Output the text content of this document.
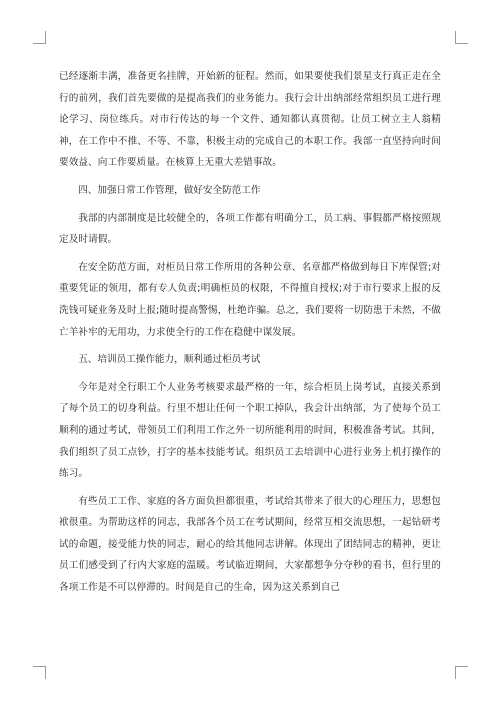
已经逐渐丰满，准备更名挂牌，开始新的征程。然而，如果要使我们景星支行真正走在全行的前列，我们首先要做的是提高我们的业务能力。我行会计出纳部经常组织员工进行理论学习、岗位练兵。对市行传达的每一个文件、通知都认真贯彻。让员工树立主人翁精神，在工作中不推、不等、不靠，积极主动的完成自己的本职工作。我部一直坚持向时间要效益、向工作要质量。在核算上无重大差错事故。

四、加强日常工作管理，做好安全防范工作

我部的内部制度是比较健全的，各项工作都有明确分工，员工病、事假都严格按照规定及时请假。

在安全防范方面，对柜员日常工作所用的各种公章、名章都严格做到每日下库保管;对重要凭证的领用，都有专人负责;明确柜员的权限，不得擅自授权;对于市行要求上报的反洗钱可疑业务及时上报;随时提高警惕，杜绝诈骗。总之，我们要将一切防患于未然，不做亡羊补牢的无用功，力求使全行的工作在稳健中谋发展。

五、培训员工操作能力，顺利通过柜员考试

今年是对全行职工个人业务考核要求最严格的一年，综合柜员上岗考试，直接关系到了每个员工的切身利益。行里不想让任何一个职工掉队，我会计出纳部，为了使每个员工顺利的通过考试，带领员工们利用工作之外一切所能利用的时间，积极准备考试。其间，我们组织了员工点钞，打字的基本技能考试。组织员工去培训中心进行业务上机打操作的练习。

有些员工工作、家庭的各方面负担都很重，考试给其带来了很大的心理压力，思想包袱很重。为帮助这样的同志，我部各个员工在考试期间，经常互相交流思想，一起钻研考试的命题，接受能力快的同志，耐心的给其他同志讲解。体现出了团结同志的精神，更让员工们感受到了行内大家庭的温暖。考试临近期间，大家都想争分夺秒的看书，但行里的各项工作是不可以停滞的。时间是自己的生命，因为这关系到自己
